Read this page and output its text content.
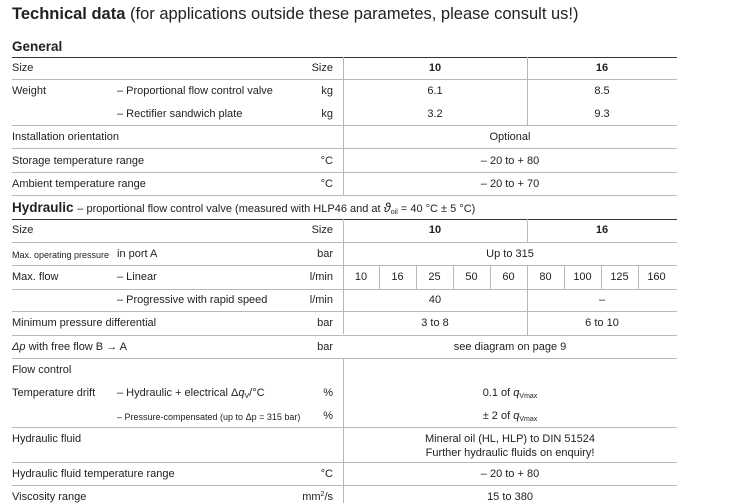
Technical data (for applications outside these parametes, please consult us!)
General
Size	Size	10	16
Weight	– Proportional flow control valve	kg	6.1	8.5
– Rectifier sandwich plate	kg	3.2	9.3
Installation orientation	Optional
Storage temperature range	°C	– 20 to + 80
Ambient temperature range	°C	– 20 to + 70
Hydraulic – proportional flow control valve (measured with HLP46 and at $ϑ_{oil} = 40$ °C ± 5 °C)
Size	Size	10	16
Max. operating pressure in port A	bar	Up to 315
Max. flow	– Linear	l/min	10	16	25	50	60	80	100	125	160
– Progressive with rapid speed	l/min	40	–
Minimum pressure differential	bar	3 to 8	6 to 10
Δp with free flow B → A	bar	see diagram on page 9
Flow control
Temperature drift – Hydraulic + electrical $\Delta q_V/^\circ C$	%	0.1 of $q_{Vmax}$
– Pressure-compensated (up to Δp = 315 bar)	%	± 2 of $q_{Vmax}$
Hydraulic fluid	Mineral oil (HL, HLP) to DIN 51524
Further hydraulic fluids on enquiry!
Hydraulic fluid temperature range	°C	– 20 to + 80
Viscosity range	$mm^2/s$	15 to 380
